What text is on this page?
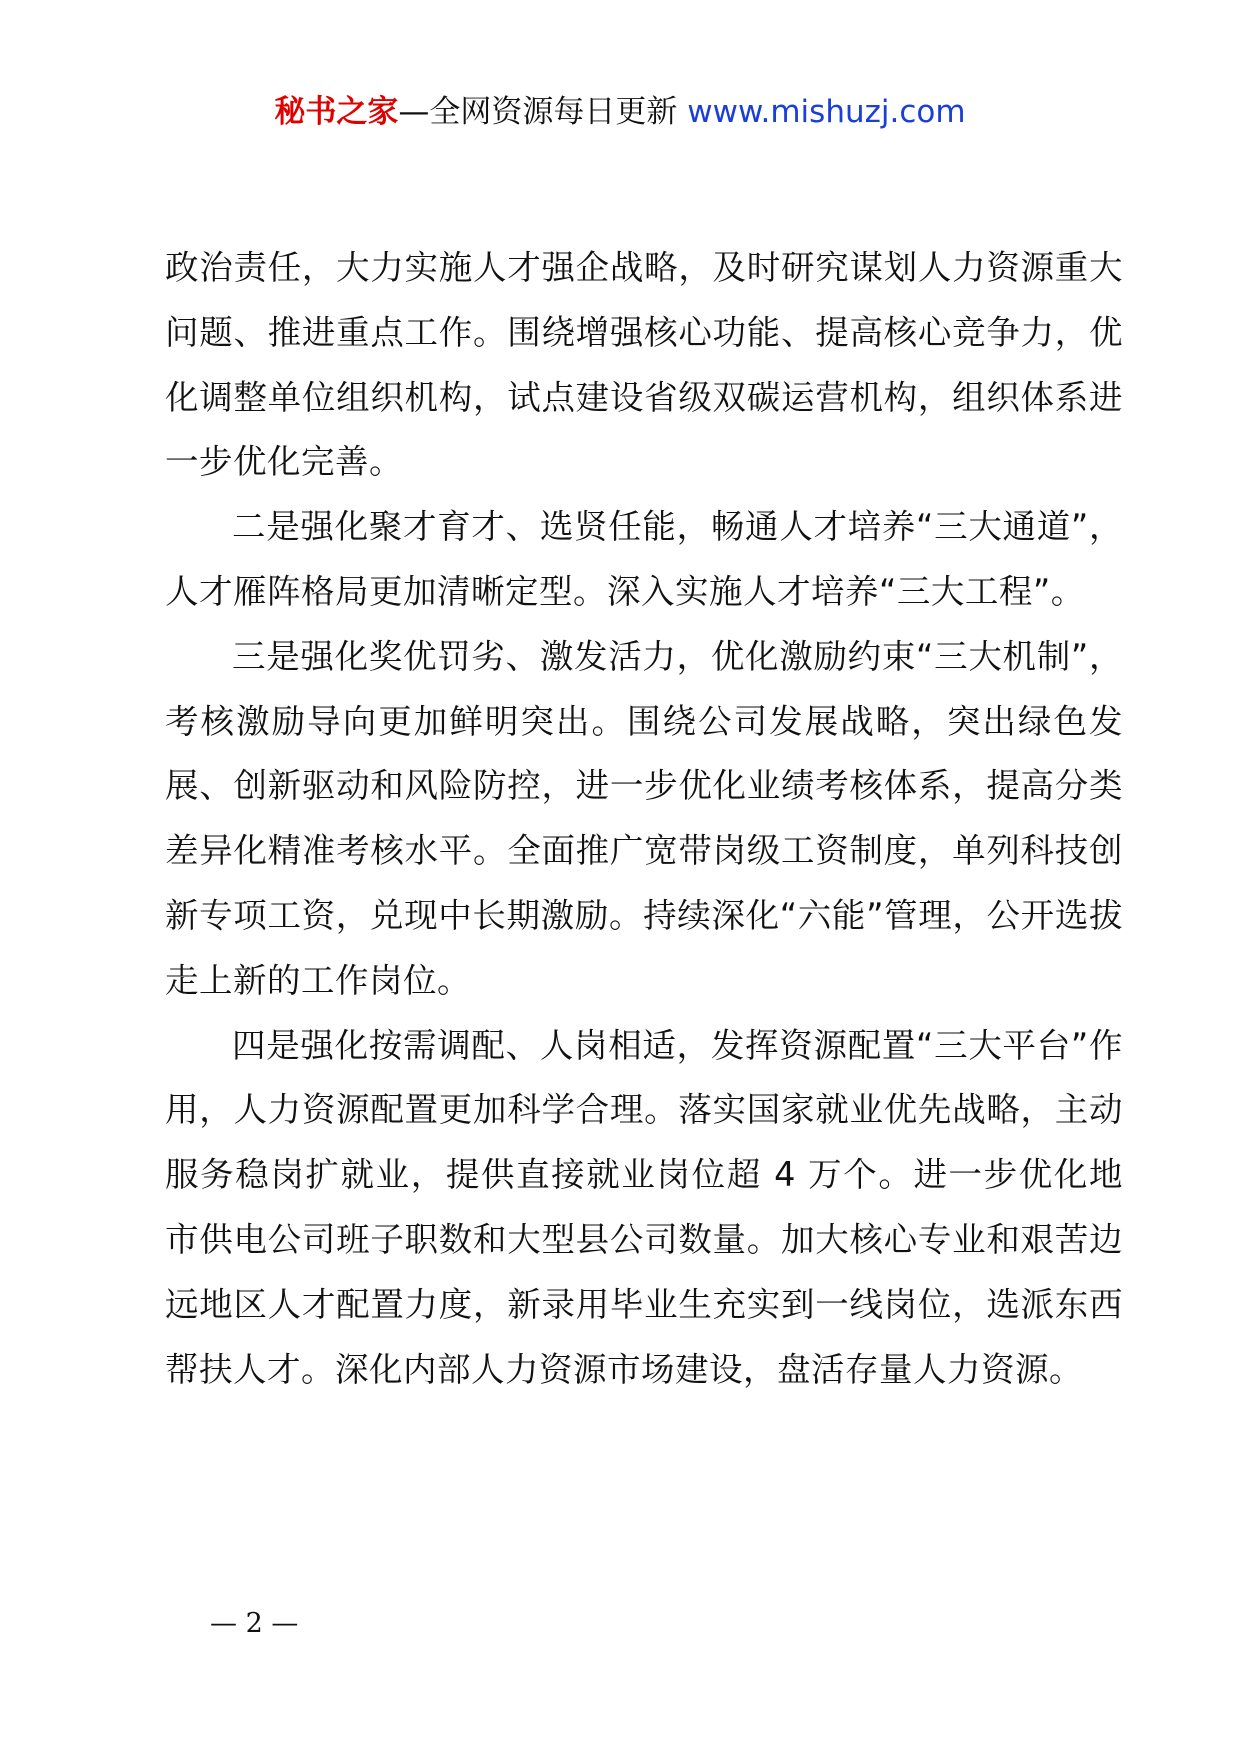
秘书之家—全网资源每日更新 www.mishuzj.com

政治责任，大力实施人才强企战略，及时研究谋划人力资源重大问题、推进重点工作。围绕增强核心功能、提高核心竞争力，优化调整单位组织机构，试点建设省级双碳运营机构，组织体系进一步优化完善。

二是强化聚才育才、选贤任能，畅通人才培养“三大通道”，人才雁阵格局更加清晰定型。深入实施人才培养“三大工程”。

三是强化奖优罚劣、激发活力，优化激励约束“三大机制”，考核激励导向更加鲜明突出。围绕公司发展战略，突出绿色发展、创新驱动和风险防控，进一步优化业绩考核体系，提高分类差异化精准考核水平。全面推广宽带岗级工资制度，单列科技创新专项工资，兑现中长期激励。持续深化“六能”管理，公开选拔走上新的工作岗位。

四是强化按需调配、人岗相适，发挥资源配置“三大平台”作用，人力资源配置更加科学合理。落实国家就业优先战略，主动服务稳岗扩就业，提供直接就业岗位超 4 万个。进一步优化地市供电公司班子职数和大型县公司数量。加大核心专业和艰苦边远地区人才配置力度，新录用毕业生充实到一线岗位，选派东西帮扶人才。深化内部人力资源市场建设，盘活存量人力资源。

— 2 —
